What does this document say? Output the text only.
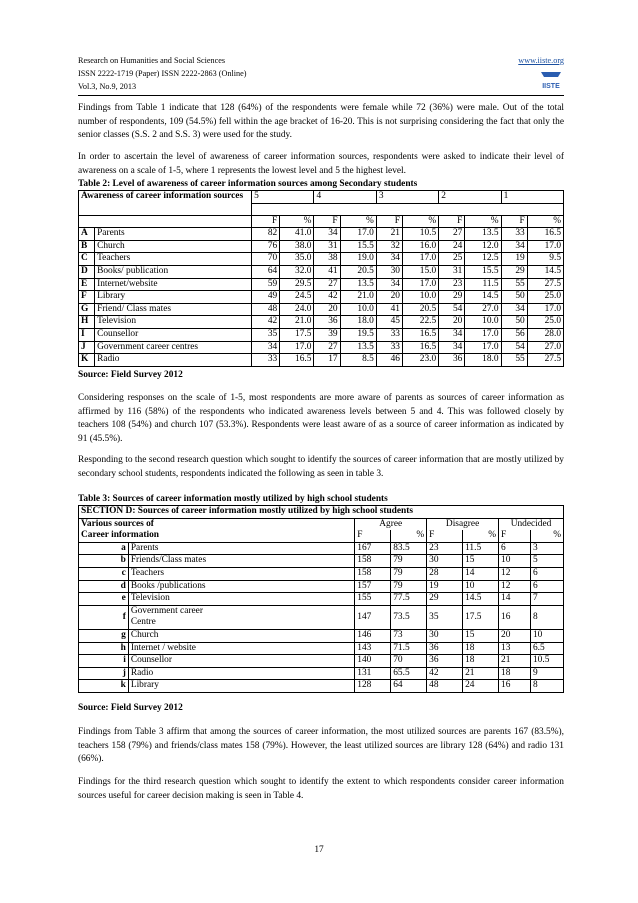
Research on Humanities and Social Sciences
ISSN 2222-1719 (Paper) ISSN 2222-2863 (Online)
Vol.3, No.9, 2013
www.iiste.org
IISTE
Findings from Table 1 indicate that 128 (64%) of the respondents were female while 72 (36%) were male. Out of the total number of respondents, 109 (54.5%) fell within the age bracket of 16-20. This is not surprising considering the fact that only the senior classes (S.S. 2 and S.S. 3) were used for the study.
In order to ascertain the level of awareness of career information sources, respondents were asked to indicate their level of awareness on a scale of 1-5, where 1 represents the lowest level and 5 the highest level.
Table 2: Level of awareness of career information sources among Secondary students
Awareness of career information sources		5		4		3		2		1	

		F	%	F	%	F	%	F	%	F	%
A	Parents	82	41.0	34	17.0	21	10.5	27	13.5	33	16.5
B	Church	76	38.0	31	15.5	32	16.0	24	12.0	34	17.0
C	Teachers	70	35.0	38	19.0	34	17.0	25	12.5	19	9.5
D	Books/ publication	64	32.0	41	20.5	30	15.0	31	15.5	29	14.5
E	Internet/website	59	29.5	27	13.5	34	17.0	23	11.5	55	27.5
F	Library	49	24.5	42	21.0	20	10.0	29	14.5	50	25.0
G	Friend/ Class mates	48	24.0	20	10.0	41	20.5	54	27.0	34	17.0
H	Television	42	21.0	36	18.0	45	22.5	20	10.0	50	25.0
I	Counsellor	35	17.5	39	19.5	33	16.5	34	17.0	56	28.0
J	Government career centres	34	17.0	27	13.5	33	16.5	34	17.0	54	27.0
K	Radio	33	16.5	17	8.5	46	23.0	36	18.0	55	27.5
Source: Field Survey 2012
Considering responses on the scale of 1-5, most respondents are more aware of parents as sources of career information as affirmed by 116 (58%) of the respondents who indicated awareness levels between 5 and 4. This was followed closely by teachers 108 (54%) and church 107 (53.3%). Respondents were least aware of as a source of career information as indicated by 91 (45.5%).
Responding to the second research question which sought to identify the sources of career information that are mostly utilized by secondary school students, respondents indicated the following as seen in table 3.
Table 3: Sources of career information mostly utilized by high school students
SECTION D: Sources of career information mostly utilized by high school students							
Various sources of		Agree		Disagree		Undecided	
Career information		F	%	F	%	F	%
a	Parents	167	83.5	23	11.5	6	3
b	Friends/Class mates	158	79	30	15	10	5
c	Teachers	158	79	28	14	12	6
d	Books /publications	157	79	19	10	12	6
e	Television	155	77.5	29	14.5	14	7
f	Government career
Centre	147	73.5	35	17.5	16	8
g	Church	146	73	30	15	20	10
h	Internet / website	143	71.5	36	18	13	6.5
i	Counsellor	140	70	36	18	21	10.5
j	Radio	131	65.5	42	21	18	9
k	Library	128	64	48	24	16	8
Source: Field Survey 2012
Findings from Table 3 affirm that among the sources of career information, the most utilized sources are parents 167 (83.5%), teachers 158 (79%) and friends/class mates 158 (79%). However, the least utilized sources are library 128 (64%) and radio 131 (66%).
Findings for the third research question which sought to identify the extent to which respondents consider career information sources useful for career decision making is seen in Table 4.
17
